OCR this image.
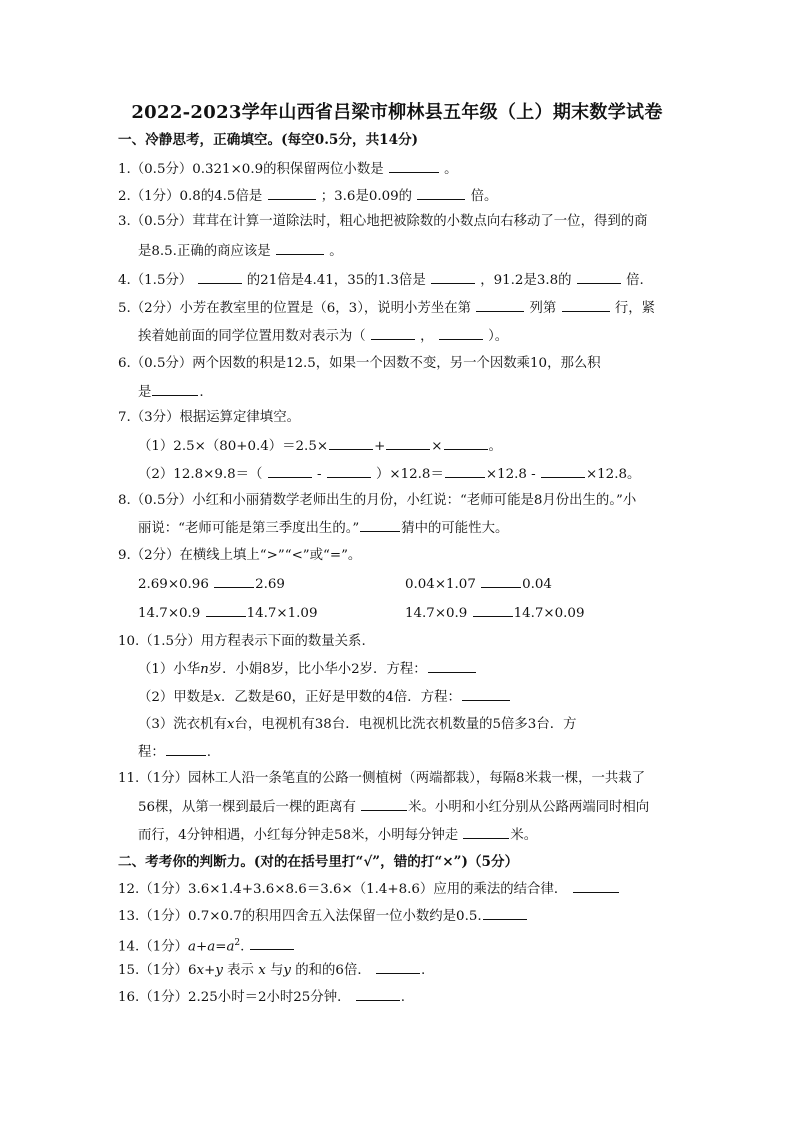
2022-2023学年山西省吕梁市柳林县五年级（上）期末数学试卷
一、冷静思考，正确填空。(每空0.5分，共14分)
1.（0.5分）0.321×0.9的积保留两位小数是	。
2.（1分）0.8的4.5倍是	；3.6是0.09的	倍。
3.（0.5分）茸茸在计算一道除法时，粗心地把被除数的小数点向右移动了一位，得到的商
是8.5.正确的商应该是	。
4.（1.5分）	的21倍是4.41，35的1.3倍是	，91.2是3.8的	倍.
5.（2分）小芳在教室里的位置是（6，3），说明小芳坐在第	列第	行，紧
挨着她前面的同学位置用数对表示为（	，	）。
6.（0.5分）两个因数的积是12.5，如果一个因数不变，另一个因数乘10，那么积
是	.
7.（3分）根据运算定律填空。
（1）2.5×（80+0.4）＝2.5×	+	×	。
（2）12.8×9.8＝（	-	）×12.8＝	×12.8 -	×12.8。
8.（0.5分）小红和小丽猜数学老师出生的月份，小红说：“老师可能是8月份出生的。”小
丽说：“老师可能是第三季度出生的。”	猜中的可能性大。
9.（2分）在横线上填上“>”“<”或“=”。
2.69×0.96	2.69	0.04×1.07	0.04
14.7×0.9	14.7×1.09	14.7×0.9	14.7×0.09
10.（1.5分）用方程表示下面的数量关系.
（1）小华n岁．小娟8岁，比小华小2岁．方程：
（2）甲数是x．乙数是60，正好是甲数的4倍．方程：
（3）洗衣机有x台，电视机有38台．电视机比洗衣机数量的5倍多3台．方
程：	.
11.（1分）园林工人沿一条笔直的公路一侧植树（两端都栽），每隔8米栽一棵，一共栽了
56棵，从第一棵到最后一棵的距离有	米。小明和小红分别从公路两端同时相向
而行，4分钟相遇，小红每分钟走58米，小明每分钟走	米。
二、考考你的判断力。(对的在括号里打“√”，错的打“×”)（5分）
12.（1分）3.6×1.4+3.6×8.6＝3.6×（1.4+8.6）应用的乘法的结合律．
13.（1分）0.7×0.7的积用四舍五入法保留一位小数约是0.5.
14.（1分）$a+a=a^2$.
15.（1分）6x+y 表示 x 与y 的和的6倍．	.
16.（1分）2.25小时＝2小时25分钟．	.
